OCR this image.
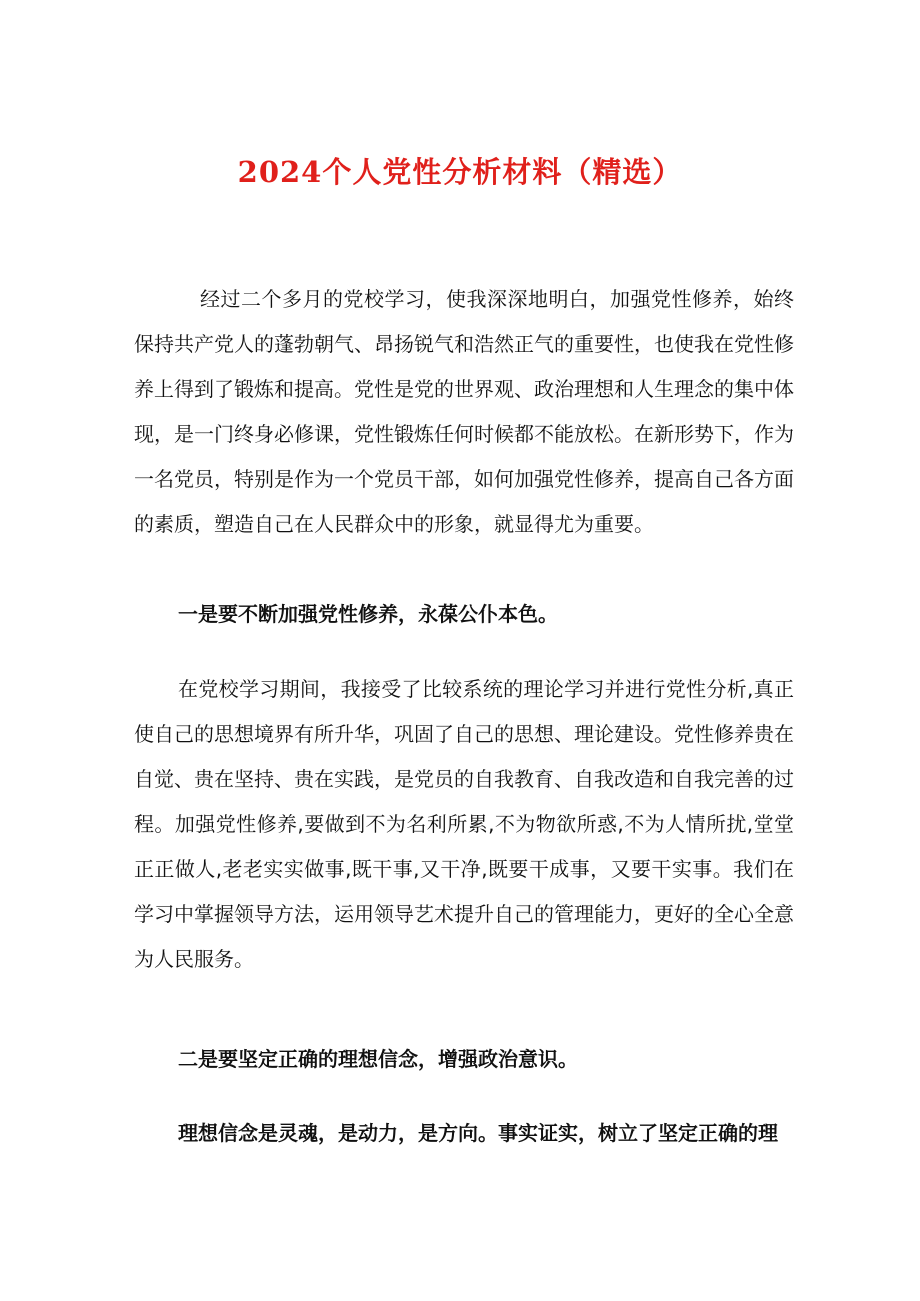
2024个人党性分析材料（精选）
经过二个多月的党校学习，使我深深地明白，加强党性修养，始终保持共产党人的蓬勃朝气、昂扬锐气和浩然正气的重要性，也使我在党性修养上得到了锻炼和提高。党性是党的世界观、政治理想和人生理念的集中体现，是一门终身必修课，党性锻炼任何时候都不能放松。在新形势下，作为一名党员，特别是作为一个党员干部，如何加强党性修养，提高自己各方面的素质，塑造自己在人民群众中的形象，就显得尤为重要。
一是要不断加强党性修养，永葆公仆本色。
在党校学习期间，我接受了比较系统的理论学习并进行党性分析,真正使自己的思想境界有所升华，巩固了自己的思想、理论建设。党性修养贵在自觉、贵在坚持、贵在实践，是党员的自我教育、自我改造和自我完善的过程。加强党性修养,要做到不为名利所累,不为物欲所惑,不为人情所扰,堂堂正正做人,老老实实做事,既干事,又干净,既要干成事，又要干实事。我们在学习中掌握领导方法，运用领导艺术提升自己的管理能力，更好的全心全意为人民服务。
二是要坚定正确的理想信念，增强政治意识。
理想信念是灵魂，是动力，是方向。事实证实，树立了坚定正确的理
